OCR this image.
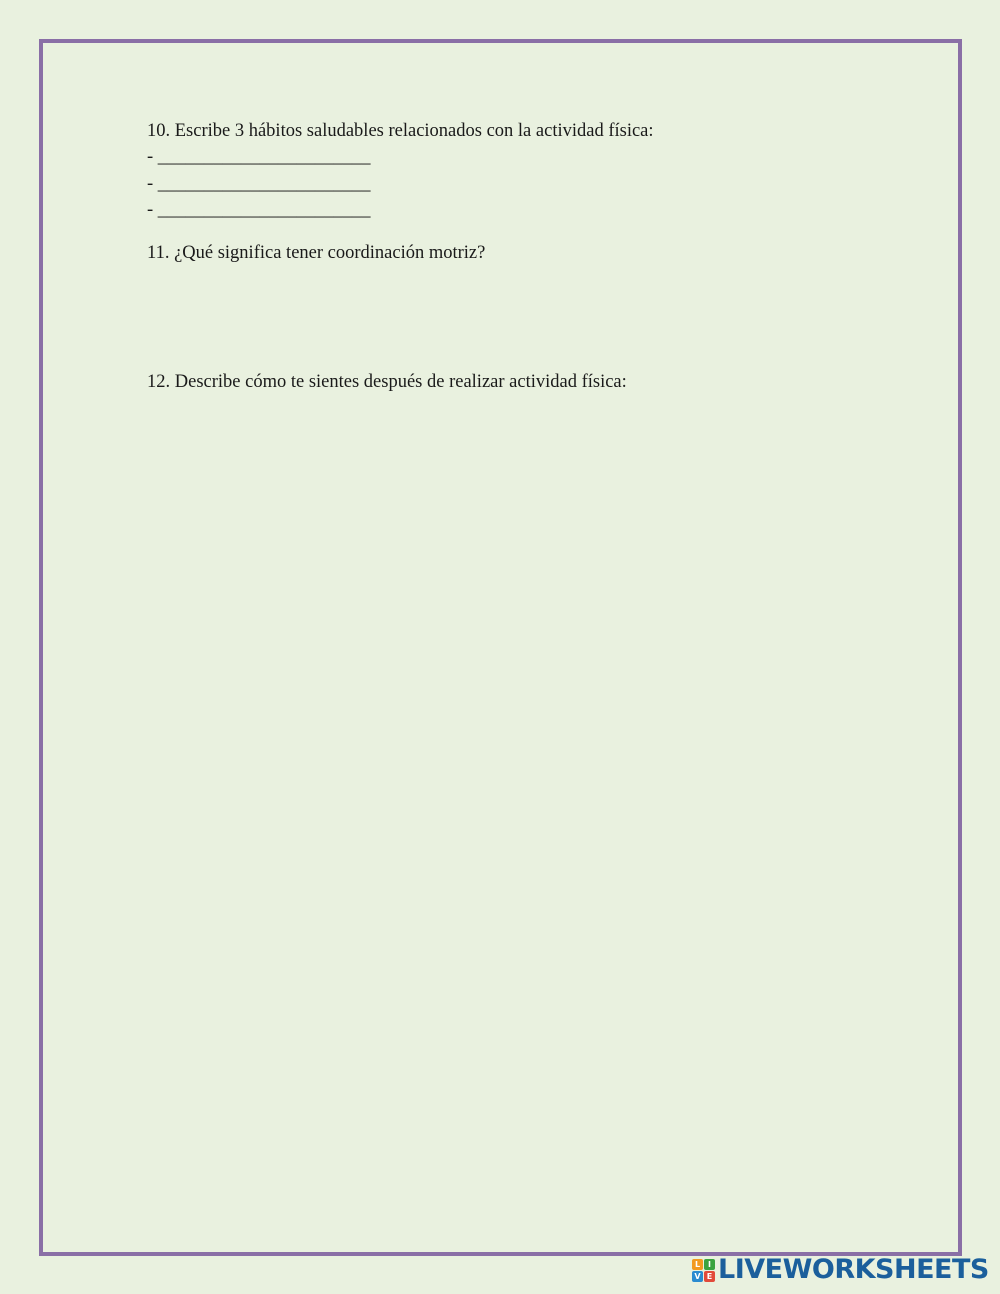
10. Escribe 3 hábitos saludables relacionados con la actividad física:

- _______________________

- _______________________

- _______________________

11. ¿Qué significa tener coordinación motriz?

12. Describe cómo te sientes después de realizar actividad física:

L I
V E LIVEWORKSHEETS
